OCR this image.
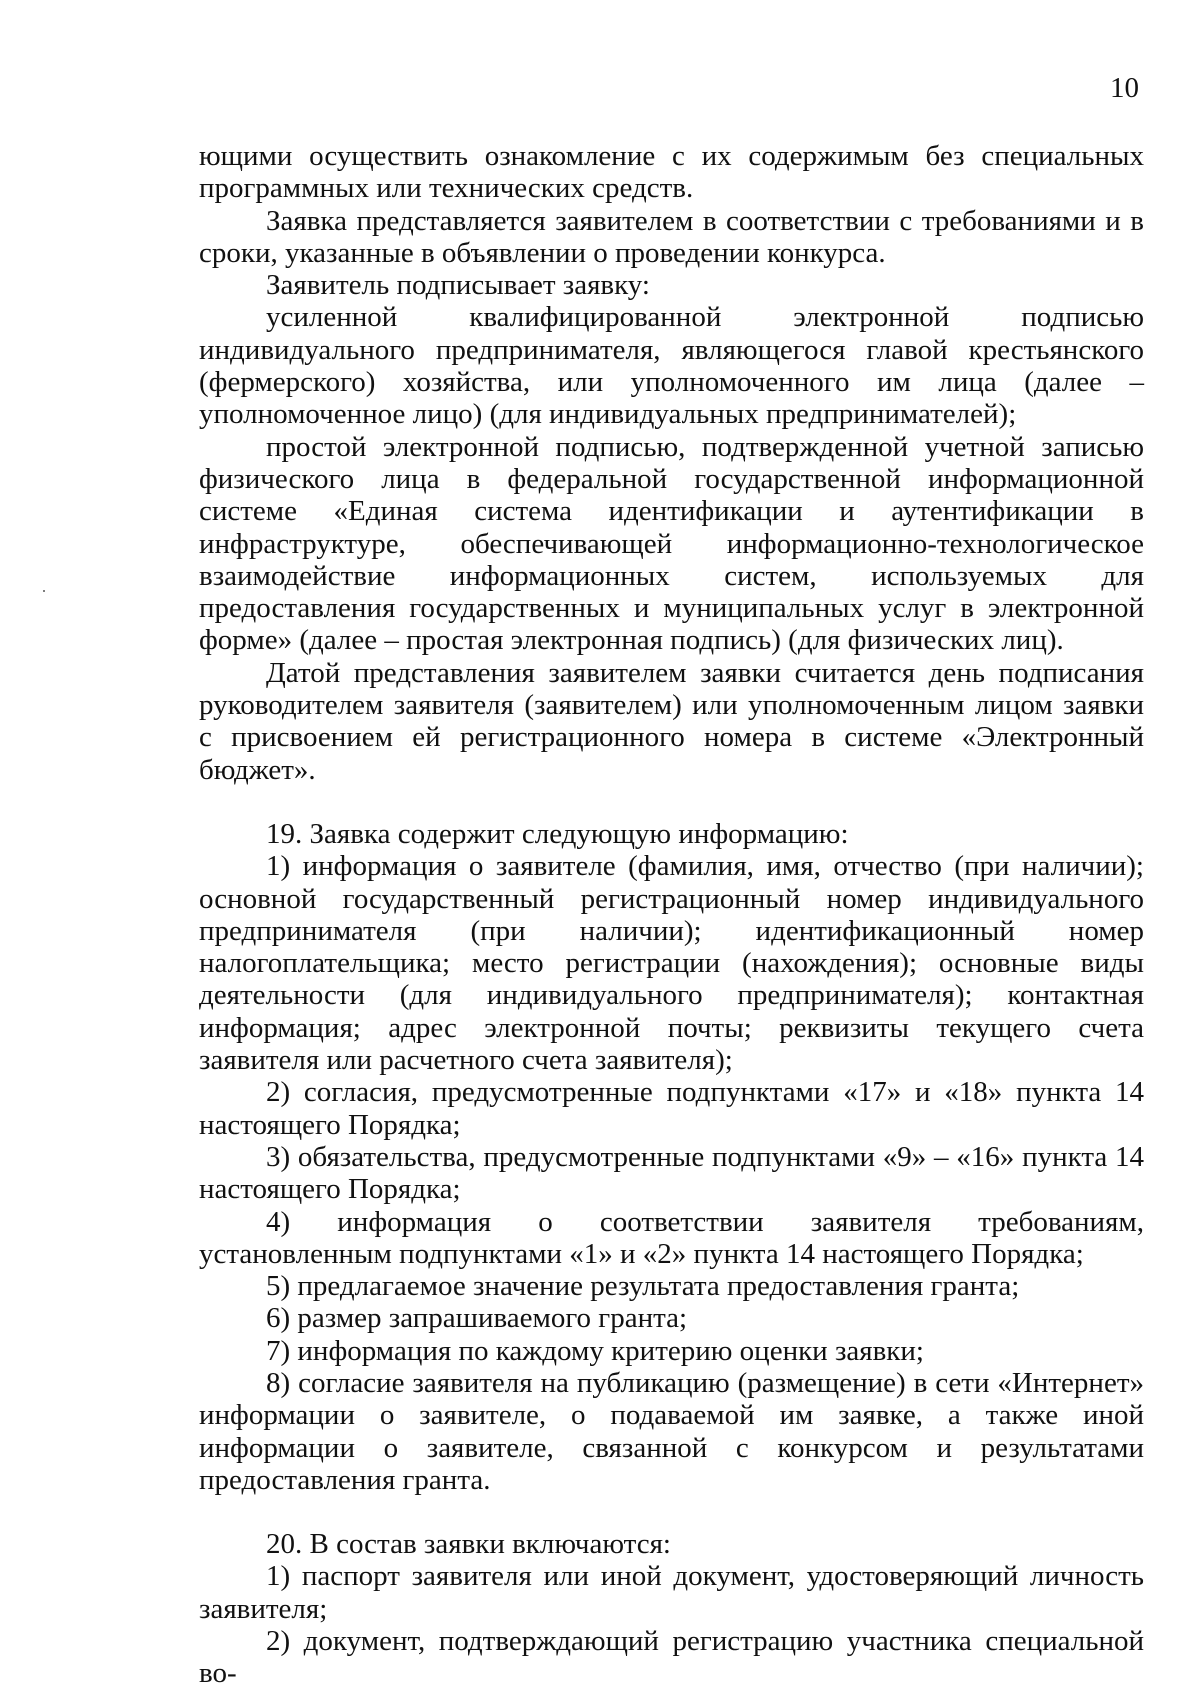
10

ющими осуществить ознакомление с их содержимым без специальных программных или технических средств.

Заявка представляется заявителем в соответствии с требованиями и в сроки, указанные в объявлении о проведении конкурса.

Заявитель подписывает заявку:

усиленной квалифицированной электронной подписью индивидуального предпринимателя, являющегося главой крестьянского (фермерского) хозяйства, или уполномоченного им лица (далее – уполномоченное лицо) (для индивидуальных предпринимателей);

простой электронной подписью, подтвержденной учетной записью физического лица в федеральной государственной информационной системе «Единая система идентификации и аутентификации в инфраструктуре, обеспечивающей информационно-технологическое взаимодействие информационных систем, используемых для предоставления государственных и муниципальных услуг в электронной форме» (далее – простая электронная подпись) (для физических лиц).

Датой представления заявителем заявки считается день подписания руководителем заявителя (заявителем) или уполномоченным лицом заявки с присвоением ей регистрационного номера в системе «Электронный бюджет».

19. Заявка содержит следующую информацию:

1) информация о заявителе (фамилия, имя, отчество (при наличии); основной государственный регистрационный номер индивидуального предпринимателя (при наличии); идентификационный номер налогоплательщика; место регистрации (нахождения); основные виды деятельности (для индивидуального предпринимателя); контактная информация; адрес электронной почты; реквизиты текущего счета заявителя или расчетного счета заявителя);

2) согласия, предусмотренные подпунктами «17» и «18» пункта 14 настоящего Порядка;

3) обязательства, предусмотренные подпунктами «9» – «16» пункта 14 настоящего Порядка;

4) информация о соответствии заявителя требованиям, установленным подпунктами «1» и «2» пункта 14 настоящего Порядка;

5) предлагаемое значение результата предоставления гранта;

6) размер запрашиваемого гранта;

7) информация по каждому критерию оценки заявки;

8) согласие заявителя на публикацию (размещение) в сети «Интернет» информации о заявителе, о подаваемой им заявке, а также иной информации о заявителе, связанной с конкурсом и результатами предоставления гранта.

20. В состав заявки включаются:

1) паспорт заявителя или иной документ, удостоверяющий личность заявителя;

2) документ, подтверждающий регистрацию участника специальной во-
